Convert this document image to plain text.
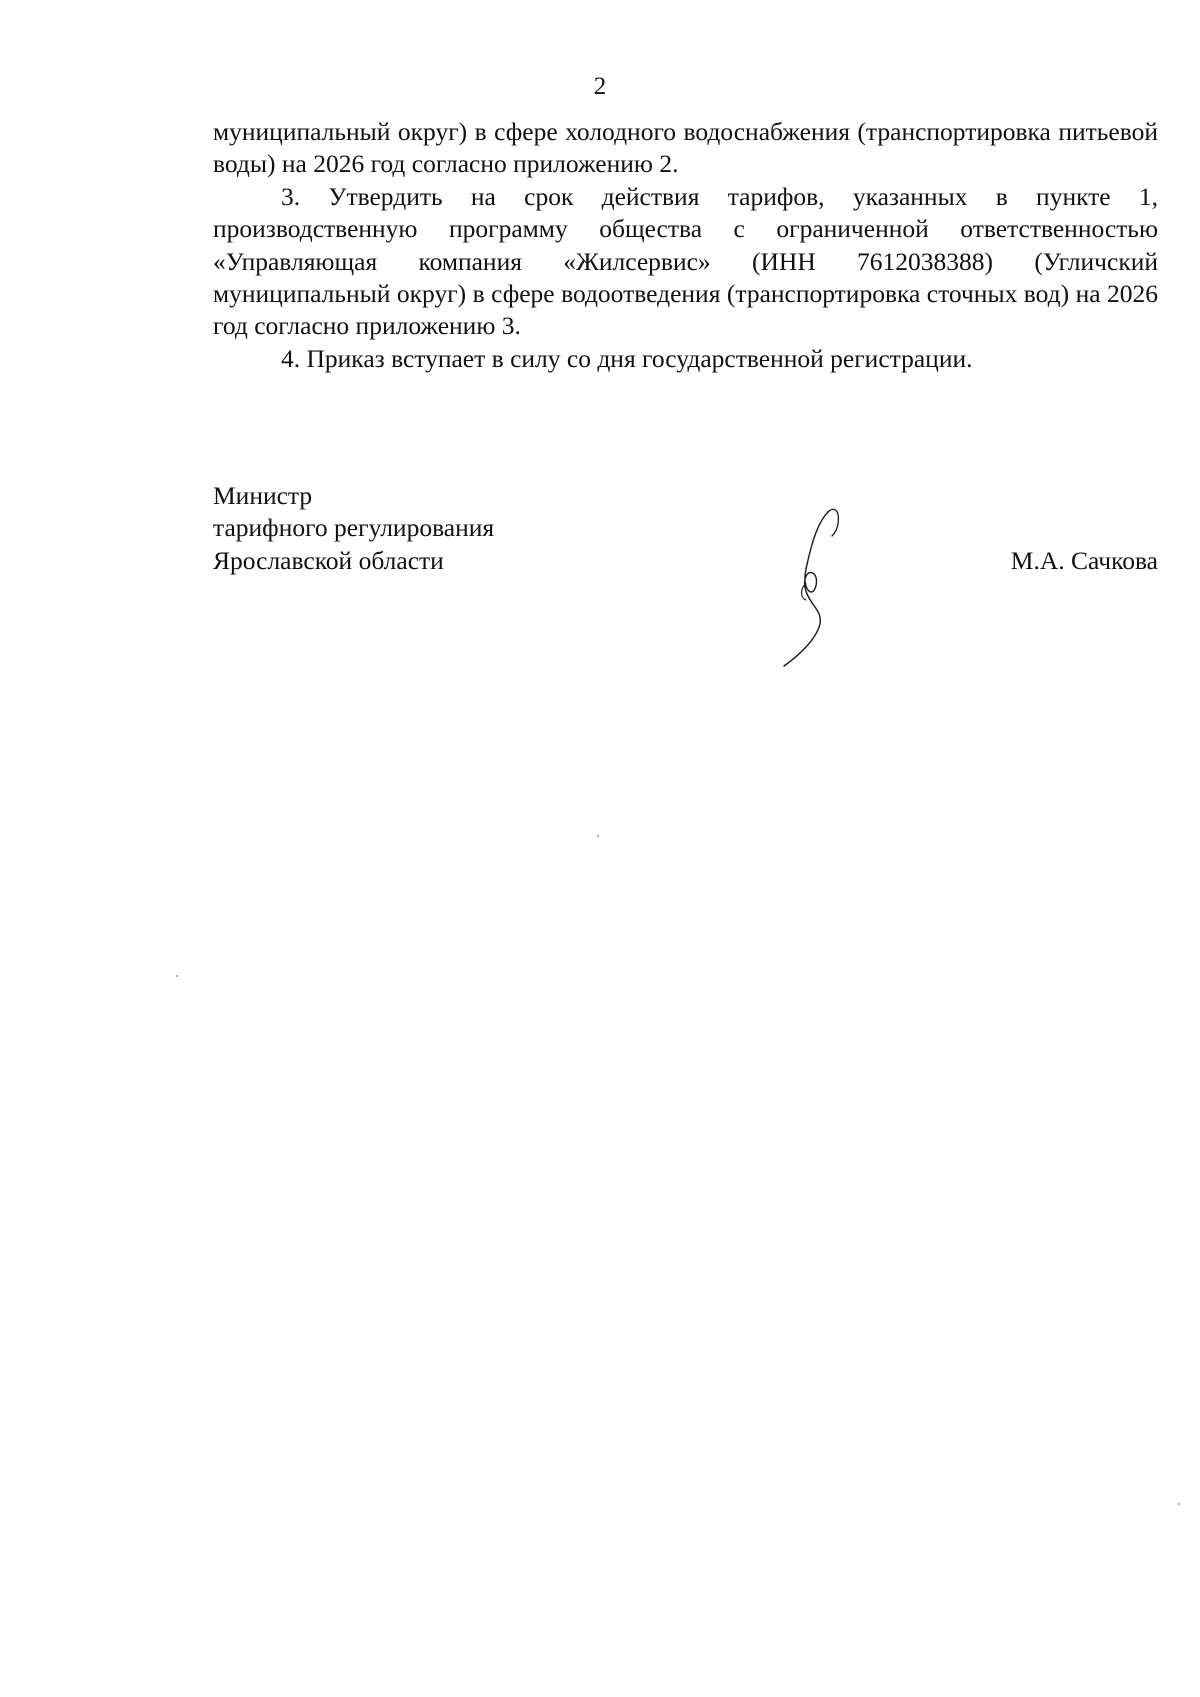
2

муниципальный округ) в сфере холодного водоснабжения (транспортировка питьевой воды) на 2026 год согласно приложению 2.

3. Утвердить на срок действия тарифов, указанных в пункте 1, производственную программу общества с ограниченной ответственностью «Управляющая компания «Жилсервис» (ИНН 7612038388) (Угличский муниципальный округ) в сфере водоотведения (транспортировка сточных вод) на 2026 год согласно приложению 3.

4. Приказ вступает в силу со дня государственной регистрации.

Министр
тарифного регулирования
Ярославской области	М.А. Сачкова
